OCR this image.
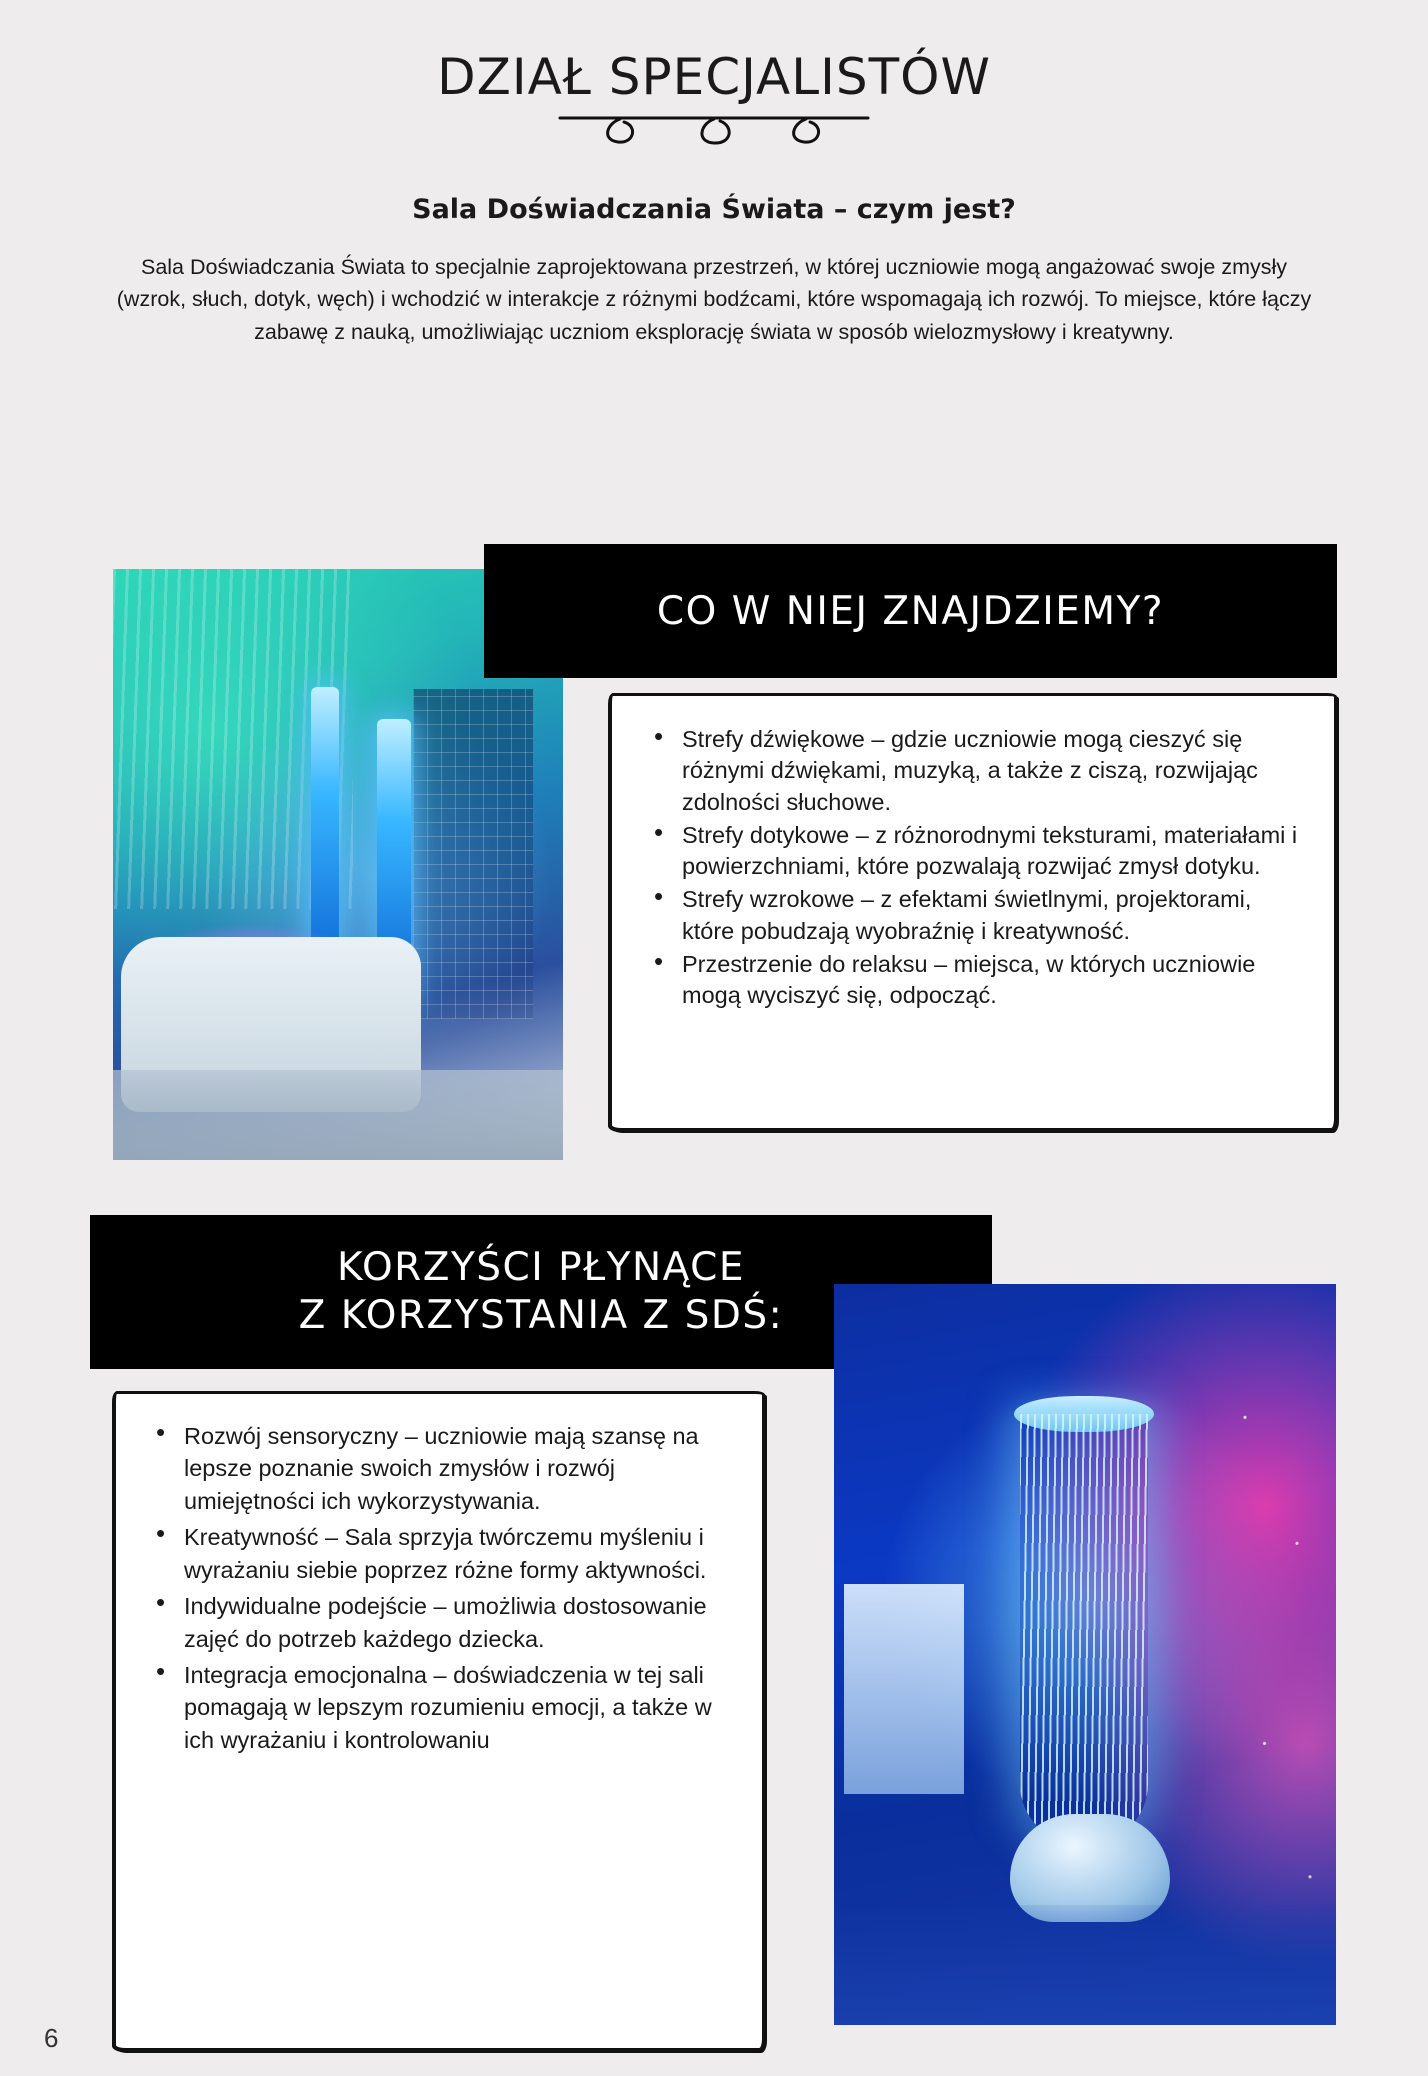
DZIAŁ SPECJALISTÓW
Sala Doświadczania Świata – czym jest?

Sala Doświadczania Świata to specjalnie zaprojektowana przestrzeń, w której uczniowie mogą angażować swoje zmysły (wzrok, słuch, dotyk, węch) i wchodzić w interakcje z różnymi bodźcami, które wspomagają ich rozwój. To miejsce, które łączy zabawę z nauką, umożliwiając uczniom eksplorację świata w sposób wielozmysłowy i kreatywny.

CO W NIEJ ZNAJDZIEMY?
• Strefy dźwiękowe – gdzie uczniowie mogą cieszyć się różnymi dźwiękami, muzyką, a także z ciszą, rozwijając zdolności słuchowe.
• Strefy dotykowe – z różnorodnymi teksturami, materiałami i powierzchniami, które pozwalają rozwijać zmysł dotyku.
• Strefy wzrokowe – z efektami świetlnymi, projektorami, które pobudzają wyobraźnię i kreatywność.
• Przestrzenie do relaksu – miejsca, w których uczniowie mogą wyciszyć się, odpocząć.
KORZYŚCI PŁYNĄCE
Z KORZYSTANIA Z SDŚ:
• Rozwój sensoryczny – uczniowie mają szansę na lepsze poznanie swoich zmysłów i rozwój umiejętności ich wykorzystywania.
• Kreatywność – Sala sprzyja twórczemu myśleniu i wyrażaniu siebie poprzez różne formy aktywności.
• Indywidualne podejście – umożliwia dostosowanie zajęć do potrzeb każdego dziecka.
• Integracja emocjonalna – doświadczenia w tej sali pomagają w lepszym rozumieniu emocji, a także w ich wyrażaniu i kontrolowaniu
6
